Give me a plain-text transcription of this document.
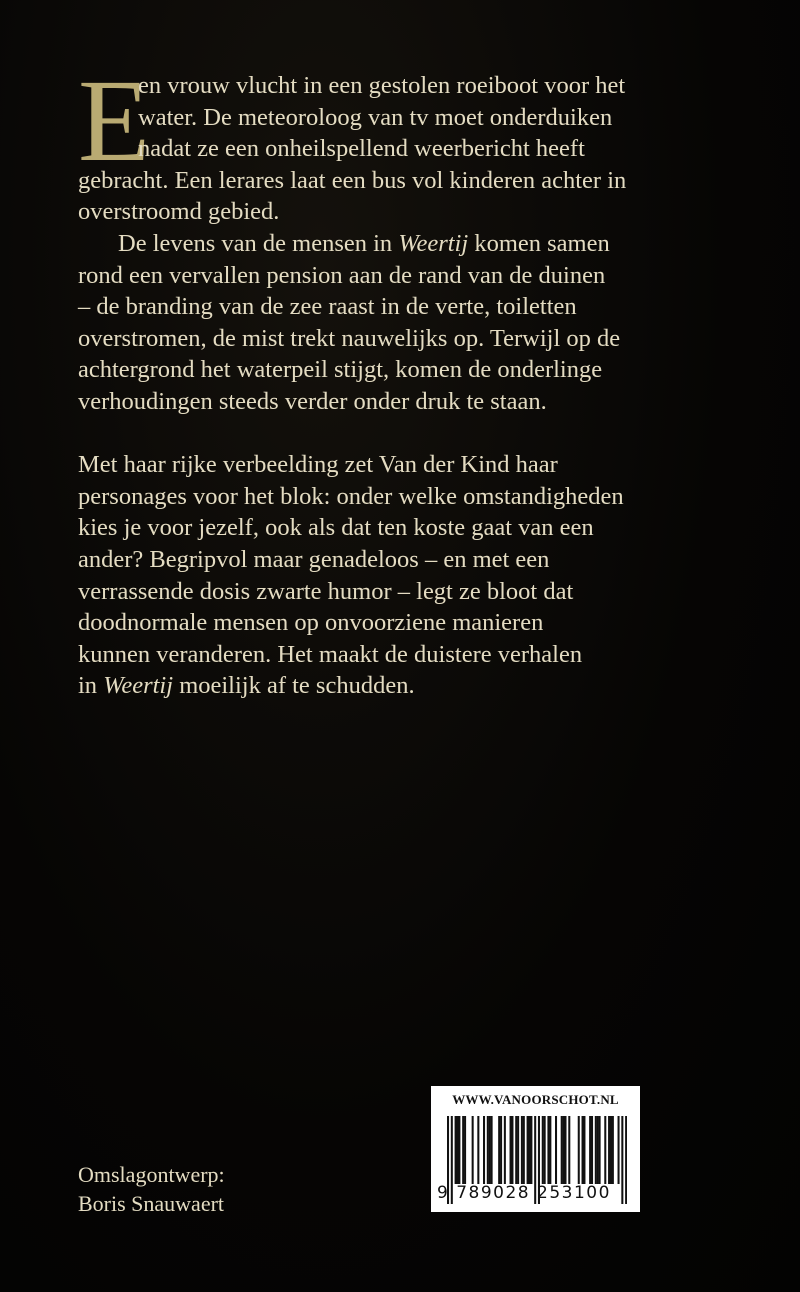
E
en vrouw vlucht in een gestolen roeiboot voor het
water. De meteoroloog van tv moet onderduiken
nadat ze een onheilspellend weerbericht heeft
gebracht. Een lerares laat een bus vol kinderen achter in
overstroomd gebied.
De levens van de mensen in Weertij komen samen
rond een vervallen pension aan de rand van de duinen
– de branding van de zee raast in de verte, toiletten
overstromen, de mist trekt nauwelijks op. Terwijl op de
achtergrond het waterpeil stijgt, komen de onderlinge
verhoudingen steeds verder onder druk te staan.
Met haar rijke verbeelding zet Van der Kind haar
personages voor het blok: onder welke omstandigheden
kies je voor jezelf, ook als dat ten koste gaat van een
ander? Begripvol maar genadeloos – en met een
verrassende dosis zwarte humor – legt ze bloot dat
doodnormale mensen op onvoorziene manieren
kunnen veranderen. Het maakt de duistere verhalen
in Weertij moeilijk af te schudden.
Omslagontwerp:
Boris Snauwaert
WWW.VANOORSCHOT.NL
9 789028 253100
